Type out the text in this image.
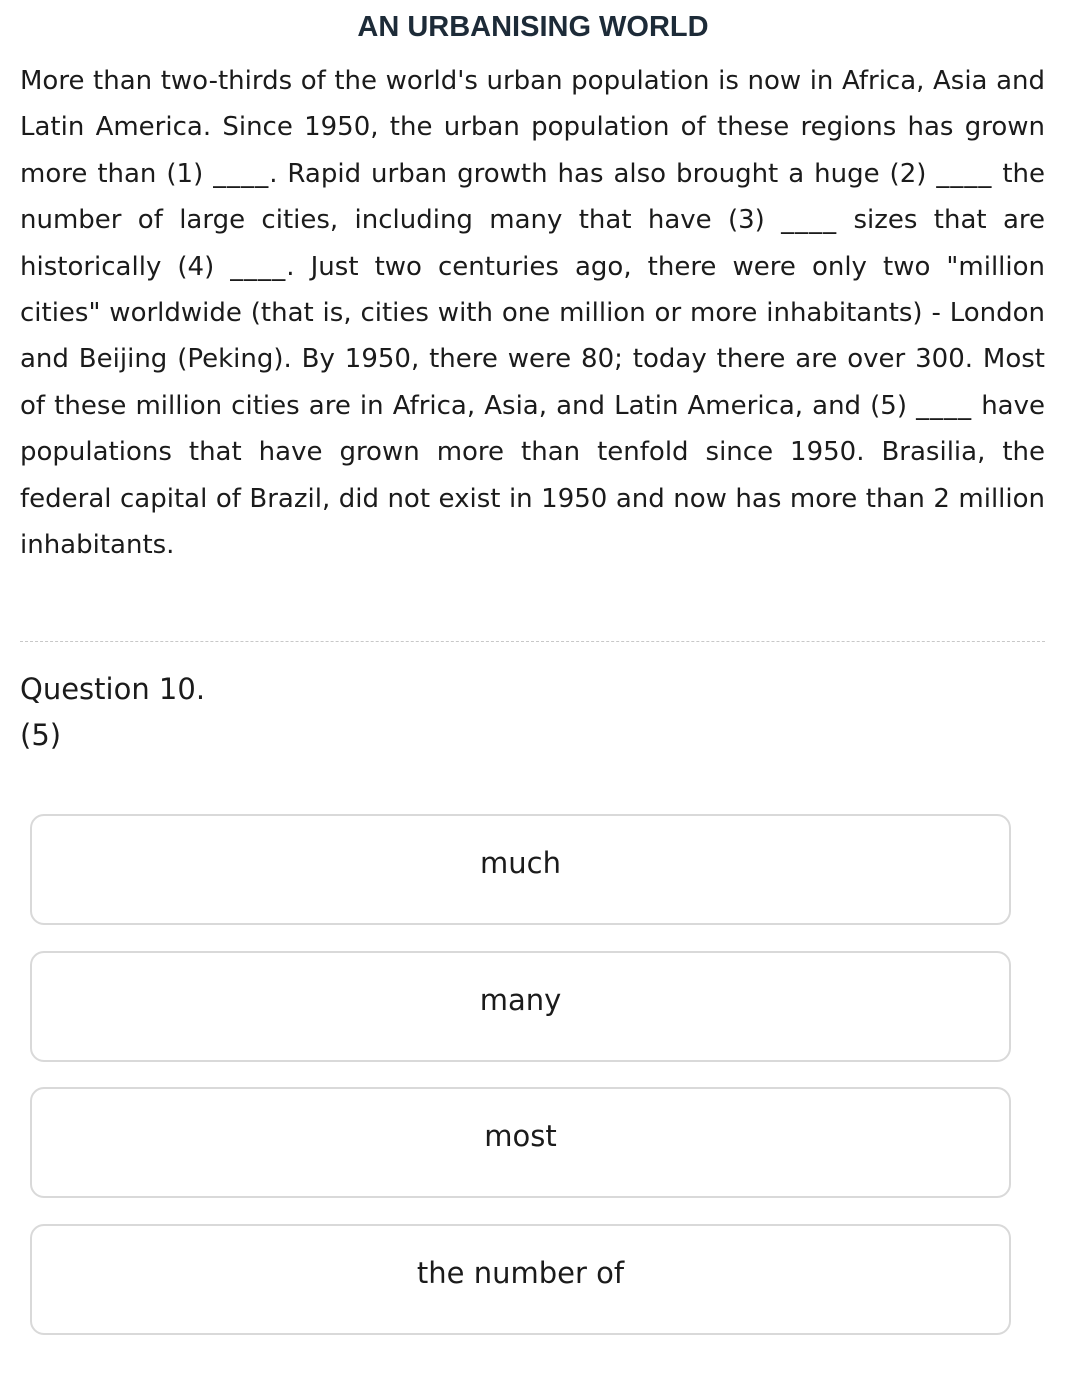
AN URBANISING WORLD

More than two-thirds of the world's urban population is now in Africa, Asia and Latin America. Since 1950, the urban population of these regions has grown more than (1) ____. Rapid urban growth has also brought a huge (2) ____ the number of large cities, including many that have (3) ____ sizes that are historically (4) ____. Just two centuries ago, there were only two "million cities" worldwide (that is, cities with one million or more inhabitants) - London and Beijing (Peking). By 1950, there were 80; today there are over 300. Most of these million cities are in Africa, Asia, and Latin America, and (5) ____ have populations that have grown more than tenfold since 1950. Brasilia, the federal capital of Brazil, did not exist in 1950 and now has more than 2 million inhabitants.

Question 10.
(5)
much
many
most
the number of
